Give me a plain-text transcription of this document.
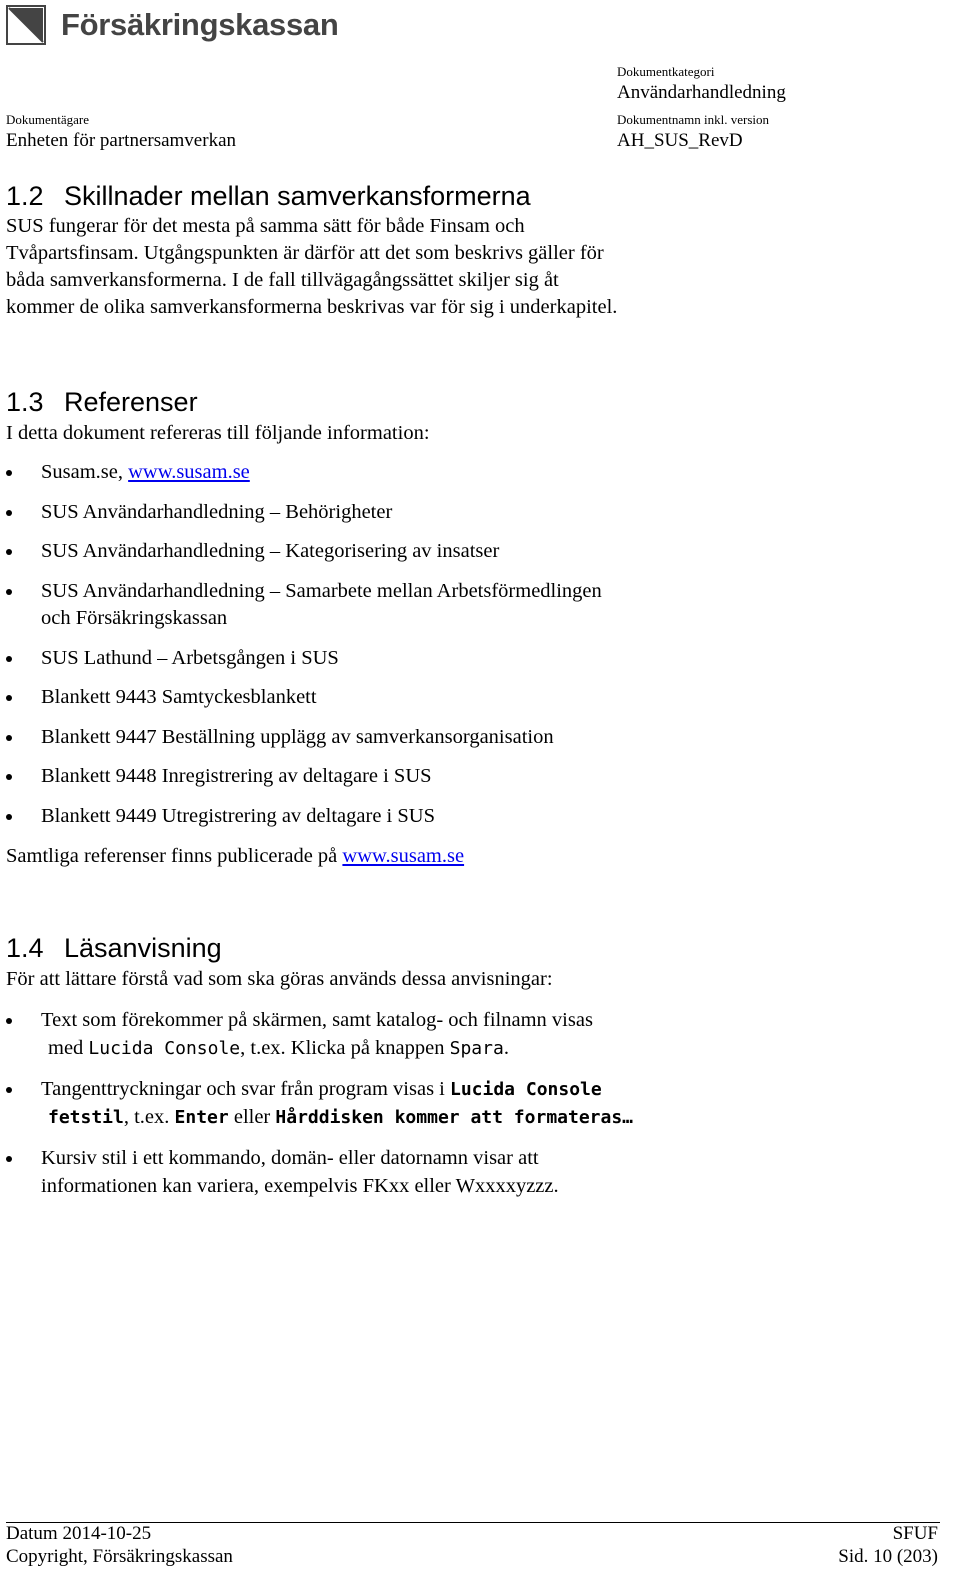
Försäkringskassan
Dokumentkategori
Användarhandledning
Dokumentägare
Enheten för partnersamverkan
Dokumentnamn inkl. version
AH_SUS_RevD
1.2 Skillnader mellan samverkansformerna
SUS fungerar för det mesta på samma sätt för både Finsam och
Tvåpartsfinsam. Utgångspunkten är därför att det som beskrivs gäller för
båda samverkansformerna. I de fall tillvägagångssättet skiljer sig åt
kommer de olika samverkansformerna beskrivas var för sig i underkapitel.
1.3 Referenser
I detta dokument refereras till följande information:
Susam.se, www.susam.se
SUS Användarhandledning – Behörigheter
SUS Användarhandledning – Kategorisering av insatser
SUS Användarhandledning – Samarbete mellan Arbetsförmedlingen
och Försäkringskassan
SUS Lathund – Arbetsgången i SUS
Blankett 9443 Samtyckesblankett
Blankett 9447 Beställning upplägg av samverkansorganisation
Blankett 9448 Inregistrering av deltagare i SUS
Blankett 9449 Utregistrering av deltagare i SUS
Samtliga referenser finns publicerade på www.susam.se
1.4 Läsanvisning
För att lättare förstå vad som ska göras används dessa anvisningar:
Text som förekommer på skärmen, samt katalog- och filnamn visas
med Lucida Console, t.ex. Klicka på knappen Spara.
Tangenttryckningar och svar från program visas i Lucida Console
fetstil, t.ex. Enter eller Hårddisken kommer att formateras…
Kursiv stil i ett kommando, domän- eller datornamn visar att
informationen kan variera, exempelvis FKxx eller Wxxxxyzzz.
Datum 2014-10-25	SFUF
Copyright, Försäkringskassan	Sid. 10 (203)
